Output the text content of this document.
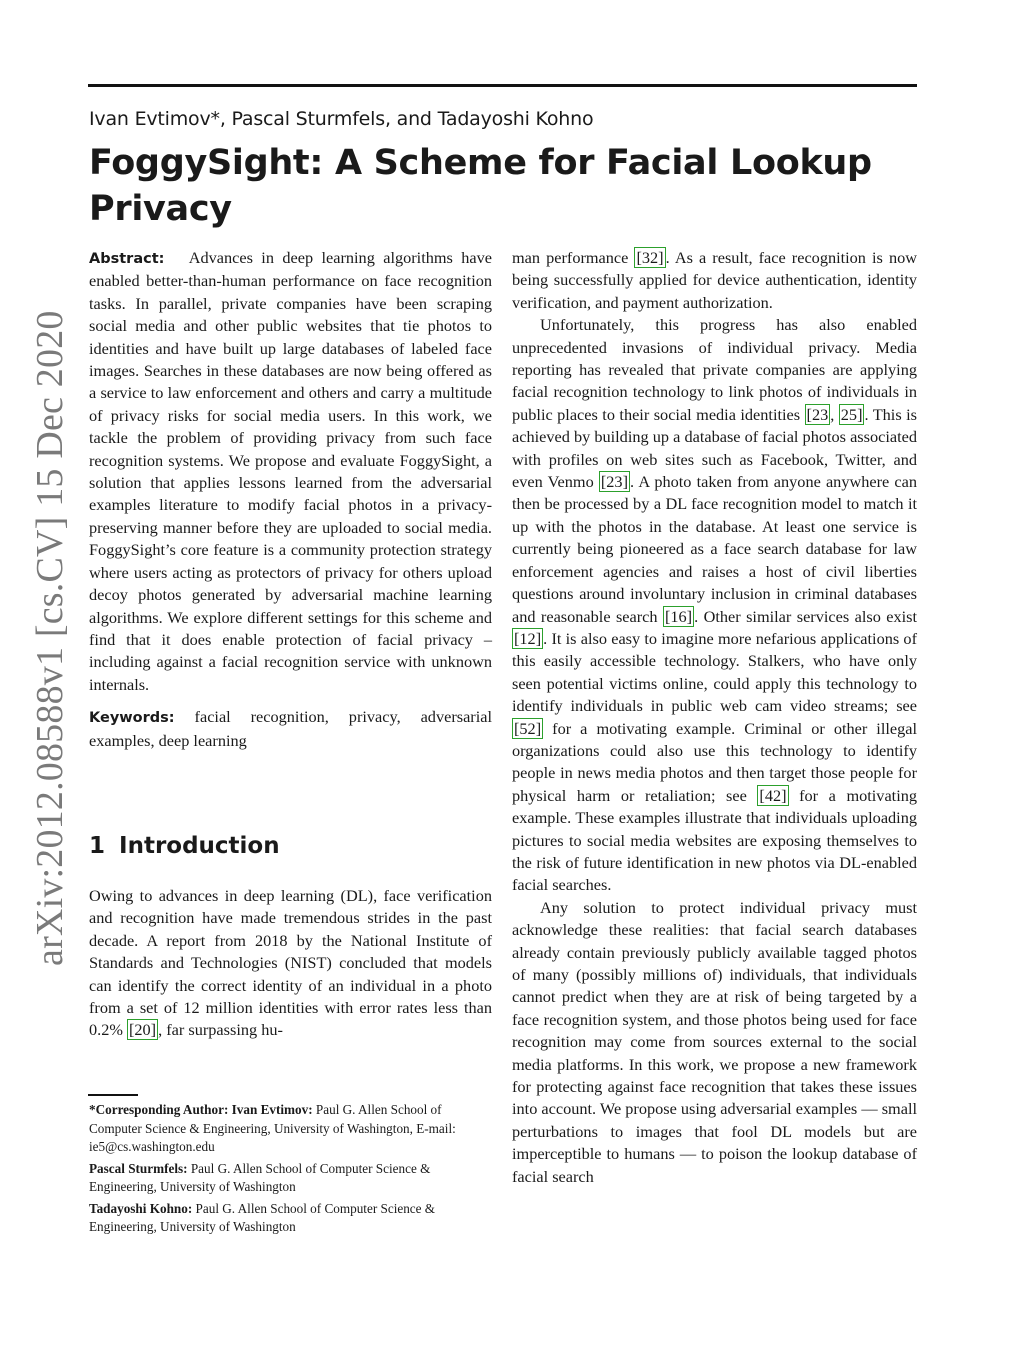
Ivan Evtimov*, Pascal Sturmfels, and Tadayoshi Kohno
FoggySight: A Scheme for Facial Lookup Privacy
arXiv:2012.08588v1 [cs.CV] 15 Dec 2020

Abstract: Advances in deep learning algorithms have enabled better-than-human performance on face recognition tasks. In parallel, private companies have been scraping social media and other public websites that tie photos to identities and have built up large databases of labeled face images. Searches in these databases are now being offered as a service to law enforcement and others and carry a multitude of privacy risks for social media users. In this work, we tackle the problem of providing privacy from such face recognition systems. We propose and evaluate FoggySight, a solution that applies lessons learned from the adversarial examples literature to modify facial photos in a privacy-preserving manner before they are uploaded to social media. FoggySight’s core feature is a community protection strategy where users acting as protectors of privacy for others upload decoy photos generated by adversarial machine learning algorithms. We explore different settings for this scheme and find that it does enable protection of facial privacy – including against a facial recognition service with unknown internals.

Keywords: facial recognition, privacy, adversarial examples, deep learning

1 Introduction
Owing to advances in deep learning (DL), face verification and recognition have made tremendous strides in the past decade. A report from 2018 by the National Institute of Standards and Technologies (NIST) concluded that models can identify the correct identity of an individual in a photo from a set of 12 million identities with error rates less than 0.2% [20] , far surpassing hu-

*Corresponding Author: Ivan Evtimov: Paul G. Allen School of Computer Science & Engineering, University of Washington, E-mail: ie5@cs.washington.edu

Pascal Sturmfels: Paul G. Allen School of Computer Science & Engineering, University of Washington

Tadayoshi Kohno: Paul G. Allen School of Computer Science & Engineering, University of Washington

man performance [32] . As a result, face recognition is now being successfully applied for device authentication, identity verification, and payment authorization.

Unfortunately, this progress has also enabled unprecedented invasions of individual privacy. Media reporting has revealed that private companies are applying facial recognition technology to link photos of individuals in public places to their social media identities [23 , 25] . This is achieved by building up a database of facial photos associated with profiles on web sites such as Facebook, Twitter, and even Venmo [23] . A photo taken from anyone anywhere can then be processed by a DL face recognition model to match it up with the photos in the database. At least one service is currently being pioneered as a face search database for law enforcement agencies and raises a host of civil liberties questions around involuntary inclusion in criminal databases and reasonable search [16] . Other similar services also exist [12] . It is also easy to imagine more nefarious applications of this easily accessible technology. Stalkers, who have only seen potential victims online, could apply this technology to identify individuals in public web cam video streams; see [52] for a motivating example. Criminal or other illegal organizations could also use this technology to identify people in news media photos and then target those people for physical harm or retaliation; see [42] for a motivating example. These examples illustrate that individuals uploading pictures to social media websites are exposing themselves to the risk of future identification in new photos via DL-enabled facial searches.

Any solution to protect individual privacy must acknowledge these realities: that facial search databases already contain previously publicly available tagged photos of many (possibly millions of) individuals, that individuals cannot predict when they are at risk of being targeted by a face recognition system, and those photos being used for face recognition may come from sources external to the social media platforms. In this work, we propose a new framework for protecting against face recognition that takes these issues into account. We propose using adversarial examples — small perturbations to images that fool DL models but are imperceptible to humans — to poison the lookup database of facial search
